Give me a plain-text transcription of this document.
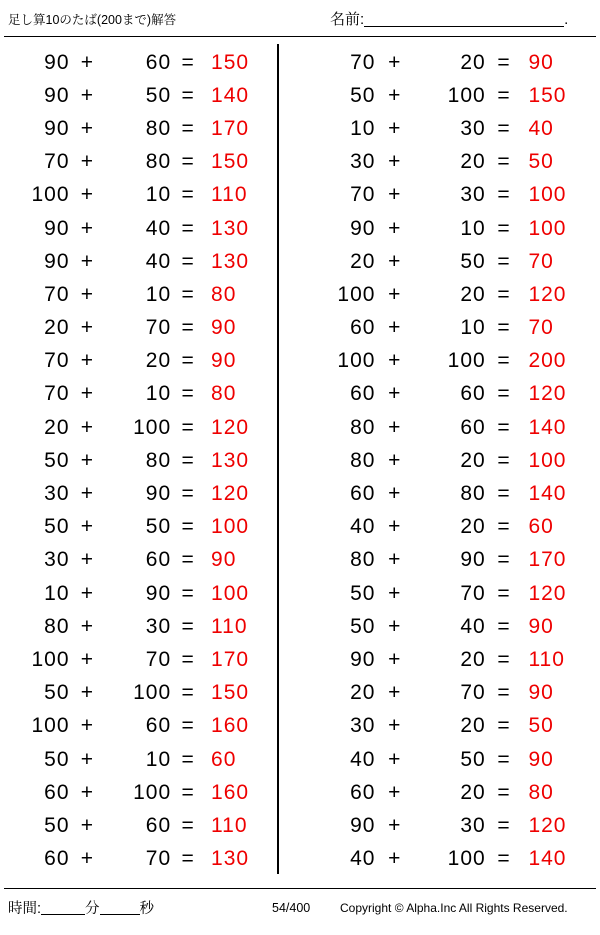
足し算10のたば(200まで)解答	名前:	.
90 +	60 = 150
90 +	50 = 140
90 +	80 = 170
70 +	80 = 150
100 +	10 = 110
90 +	40 = 130
90 +	40 = 130
70 +	10 = 80
20 +	70 = 90
70 +	20 = 90
70 +	10 = 80
20 +	100 = 120
50 +	80 = 130
30 +	90 = 120
50 +	50 = 100
30 +	60 = 90
10 +	90 = 100
80 +	30 = 110
100 +	70 = 170
50 +	100 = 150
100 +	60 = 160
50 +	10 = 60
60 +	100 = 160
50 +	60 = 110
60 +	70 = 130
70 +	20 = 90
50 +	100 = 150
10 +	30 = 40
30 +	20 = 50
70 +	30 = 100
90 +	10 = 100
20 +	50 = 70
100 +	20 = 120
60 +	10 = 70
100 +	100 = 200
60 +	60 = 120
80 +	60 = 140
80 +	20 = 100
60 +	80 = 140
40 +	20 = 60
80 +	90 = 170
50 +	70 = 120
50 +	40 = 90
90 +	20 = 110
20 +	70 = 90
30 +	20 = 50
40 +	50 = 90
60 +	20 = 80
90 +	30 = 120
40 +	100 = 140
時間:	分	秒	54/400 Copyright © Alpha.Inc All Rights Reserved.
